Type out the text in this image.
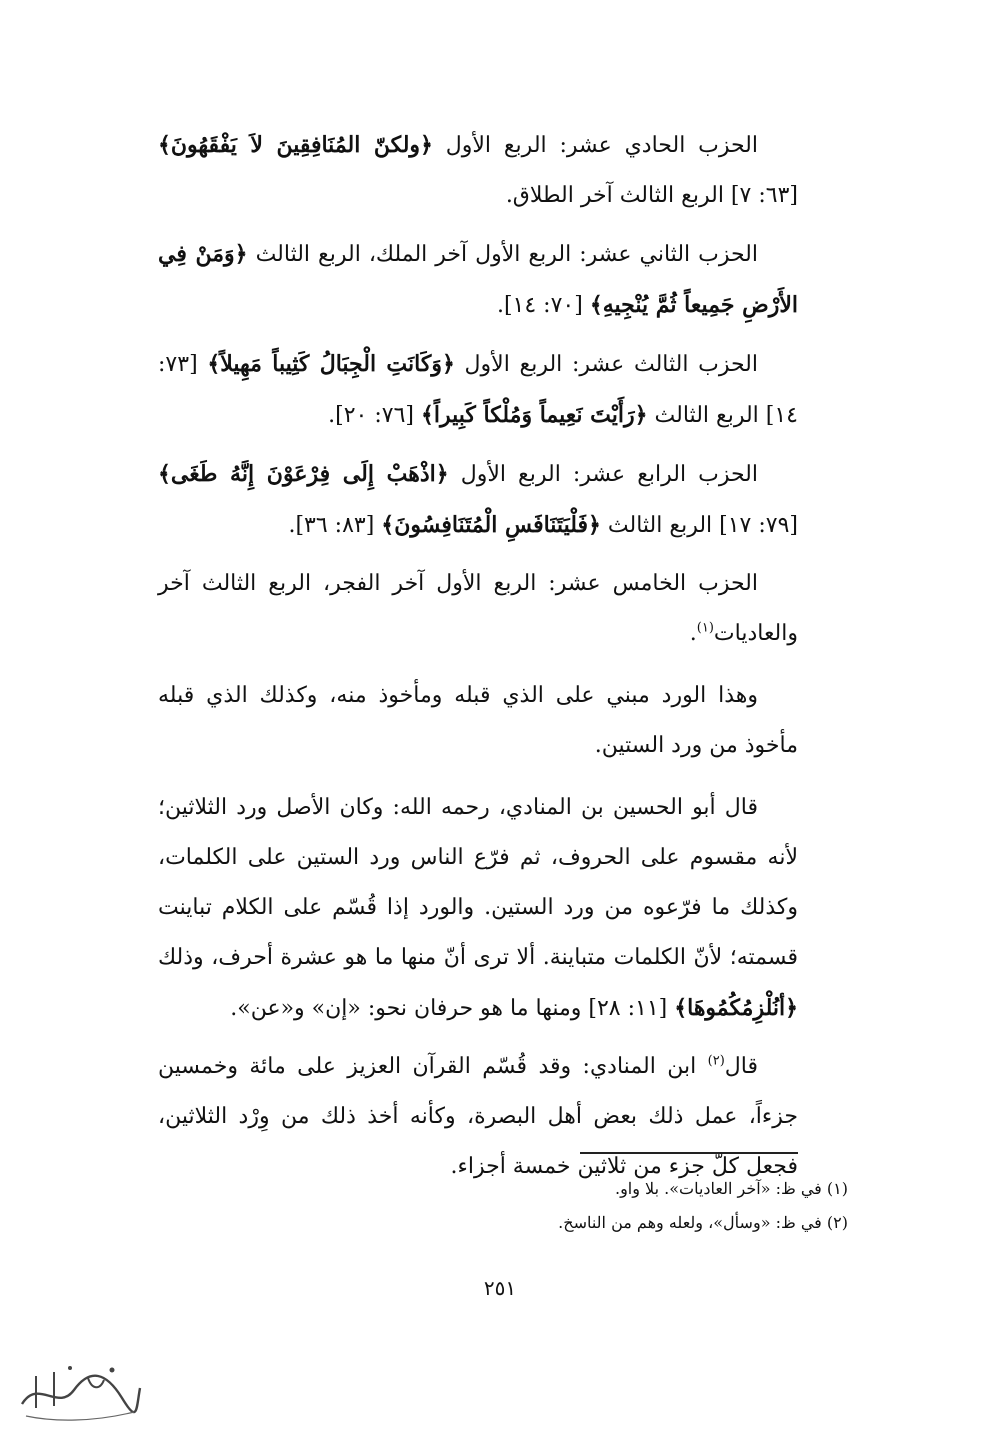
الحزب الحادي عشر: الربع الأول ﴿ولكنّ المُنَافِقِينَ لاَ يَفْقَهُونَ﴾ [٦٣: ٧] الربع الثالث آخر الطلاق.

الحزب الثاني عشر: الربع الأول آخر الملك، الربع الثالث ﴿وَمَنْ فِي الأَرْضِ جَمِيعاً ثُمَّ يُنْجِيهِ﴾ [٧٠: ١٤].

الحزب الثالث عشر: الربع الأول ﴿وَكَانَتِ الْجِبَالُ كَثِيباً مَهِيلاً﴾ [٧٣: ١٤] الربع الثالث ﴿رَأَيْتَ نَعِيماً وَمُلْكاً كَبِيراً﴾ [٧٦: ٢٠].

الحزب الرابع عشر: الربع الأول ﴿اذْهَبْ إِلَى فِرْعَوْنَ إِنَّهُ طَغَى﴾ [٧٩: ١٧] الربع الثالث ﴿فَلْيَتَنَافَسِ الْمُتَنَافِسُونَ﴾ [٨٣: ٣٦].

الحزب الخامس عشر: الربع الأول آخر الفجر، الربع الثالث آخر والعاديات$^{(١)}$.

وهذا الورد مبني على الذي قبله ومأخوذ منه، وكذلك الذي قبله مأخوذ من ورد الستين.

قال أبو الحسين بن المنادي، رحمه الله: وكان الأصل ورد الثلاثين؛ لأنه مقسوم على الحروف، ثم فرّع الناس ورد الستين على الكلمات، وكذلك ما فرّعوه من ورد الستين. والورد إذا قُسّم على الكلام تباينت قسمته؛ لأنّ الكلمات متباينة. ألا ترى أنّ منها ما هو عشرة أحرف، وذلك ﴿أنُلْزِمُكُمُوهَا﴾ [١١: ٢٨] ومنها ما هو حرفان نحو: «إن» و«عن».

قال$^{(٢)}$ ابن المنادي: وقد قُسّم القرآن العزيز على مائة وخمسين جزءاً، عمل ذلك بعض أهل البصرة، وكأنه أخذ ذلك من وِرْد الثلاثين، فجعل كلّ جزء من ثلاثين خمسة أجزاء.

(١) في ظ: «آخر العاديات». بلا واو.

(٢) في ظ: «وسأل»، ولعله وهم من الناسخ.

٢٥١
